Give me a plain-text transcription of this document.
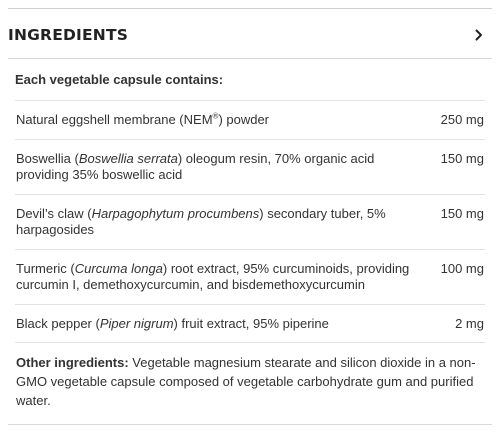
INGREDIENTS
Each vegetable capsule contains:
Natural eggshell membrane (NEM®) powder	250 mg
Boswellia (Boswellia serrata) oleogum resin, 70% organic acid providing 35% boswellic acid
150 mg
Devil’s claw (Harpagophytum procumbens) secondary tuber, 5% harpagosides
150 mg
Turmeric (Curcuma longa) root extract, 95% curcuminoids, providing curcumin I, demethoxycurcumin, and bisdemethoxycurcumin
100 mg
Black pepper (Piper nigrum) fruit extract, 95% piperine	2 mg
Other ingredients: Vegetable magnesium stearate and silicon dioxide in a non-GMO vegetable capsule composed of vegetable carbohydrate gum and purified water.
